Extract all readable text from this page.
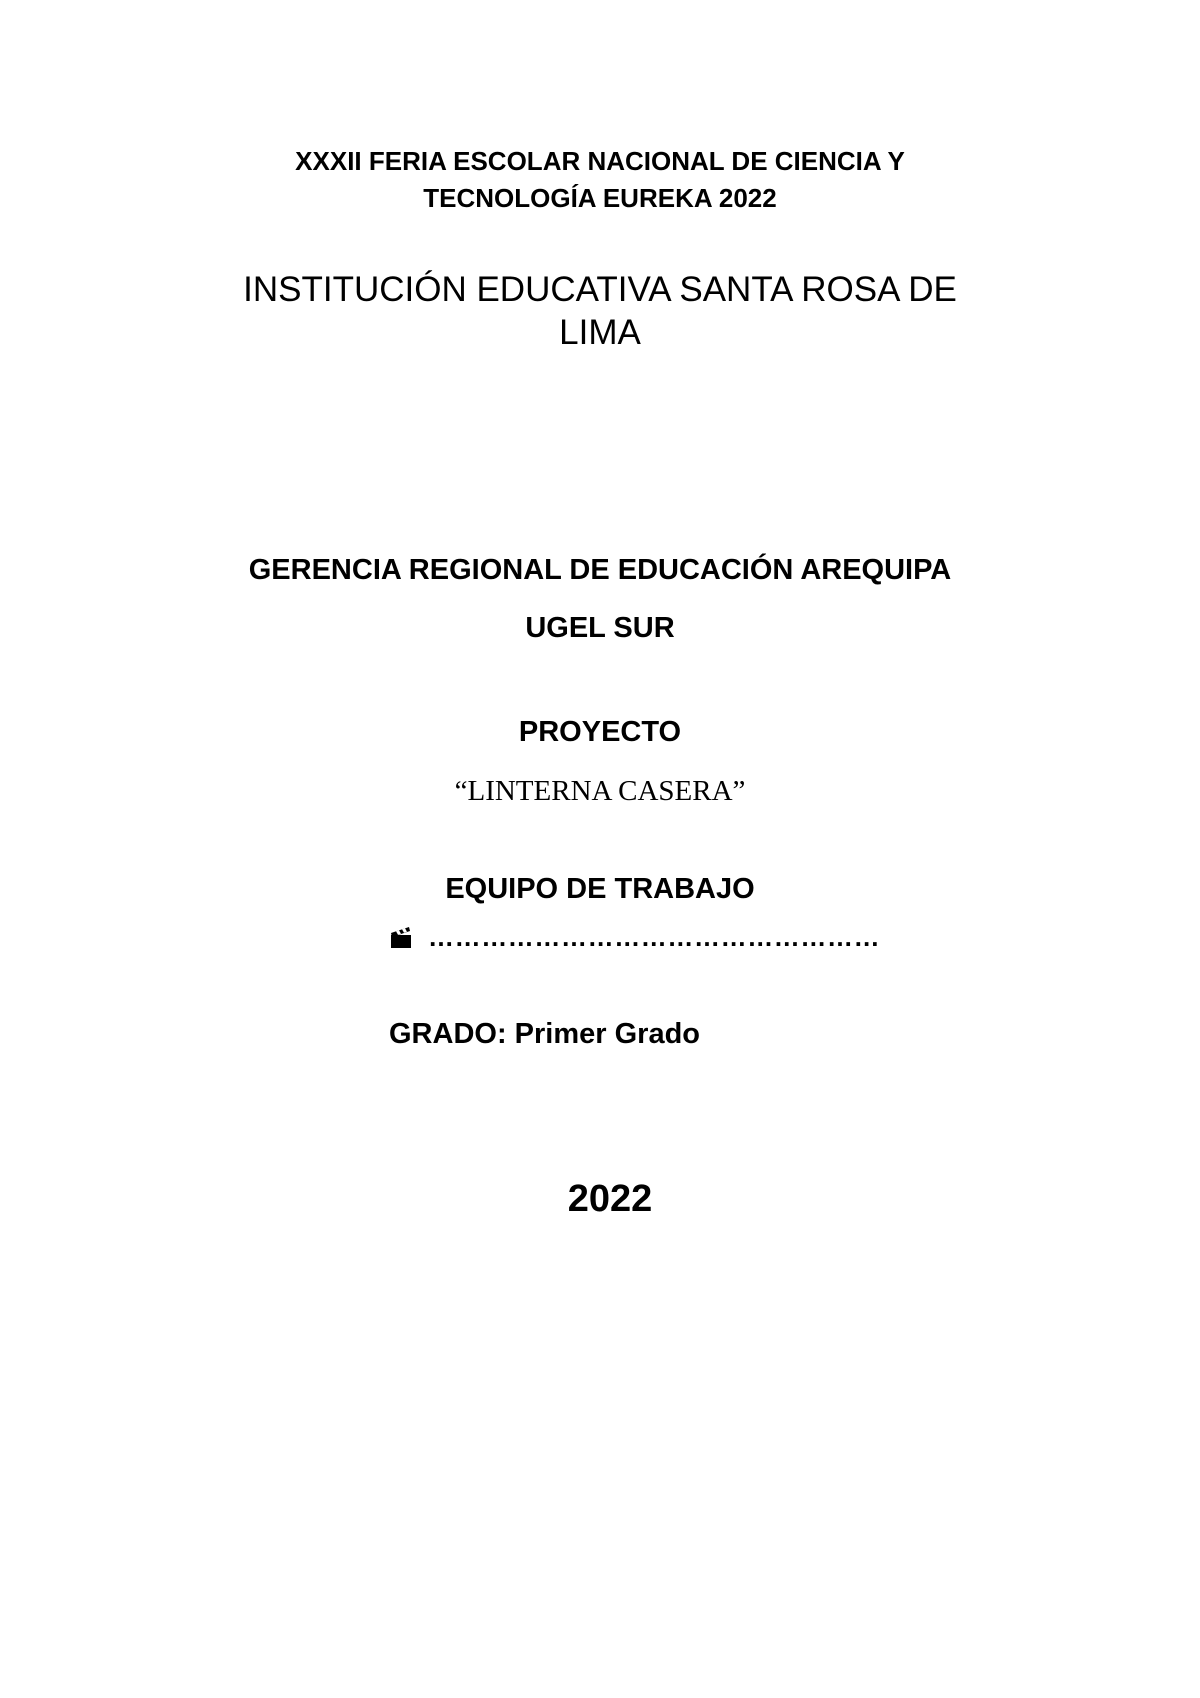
XXXII FERIA ESCOLAR NACIONAL DE CIENCIA Y
TECNOLOGÍA EUREKA 2022
INSTITUCIÓN EDUCATIVA SANTA ROSA DE
LIMA
GERENCIA REGIONAL DE EDUCACIÓN AREQUIPA
UGEL SUR
PROYECTO
“LINTERNA CASERA”
EQUIPO DE TRABAJO
……………………………………………
GRADO: Primer Grado
2022
